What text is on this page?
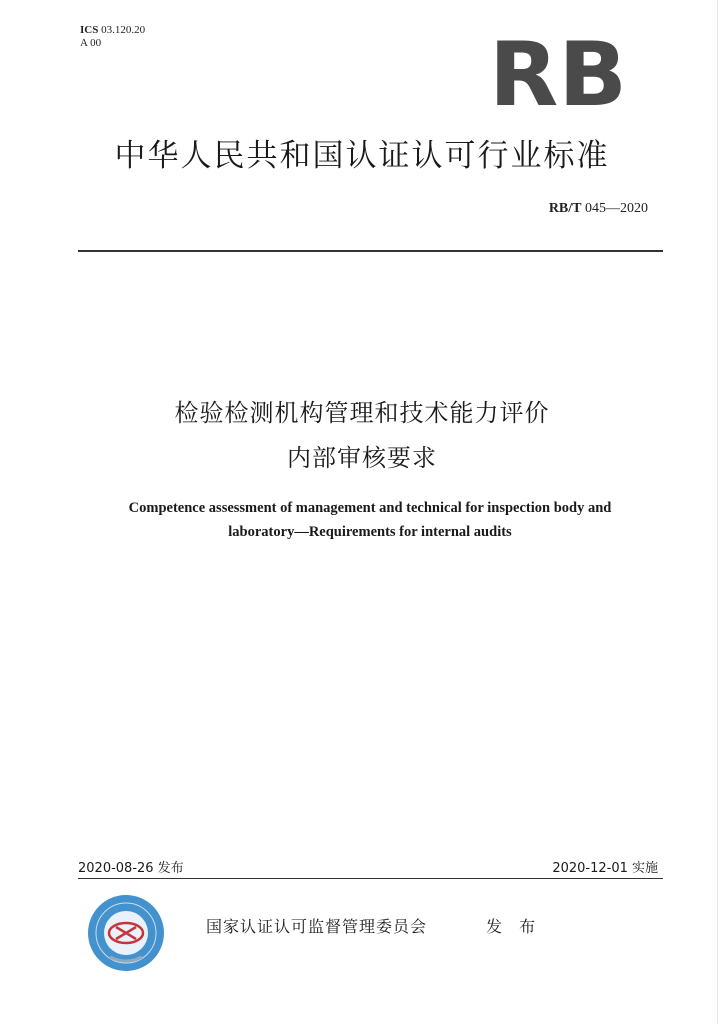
ICS 03.120.20
A 00	RB
中华人民共和国认证认可行业标准
RB/T 045—2020
检验检测机构管理和技术能力评价
内部审核要求
Competence assessment of management and technical for inspection body and
laboratory—Requirements for internal audits
2020-08-26 发布	2020-12-01 实施
国家认证认可监督管理委员会	发 布
